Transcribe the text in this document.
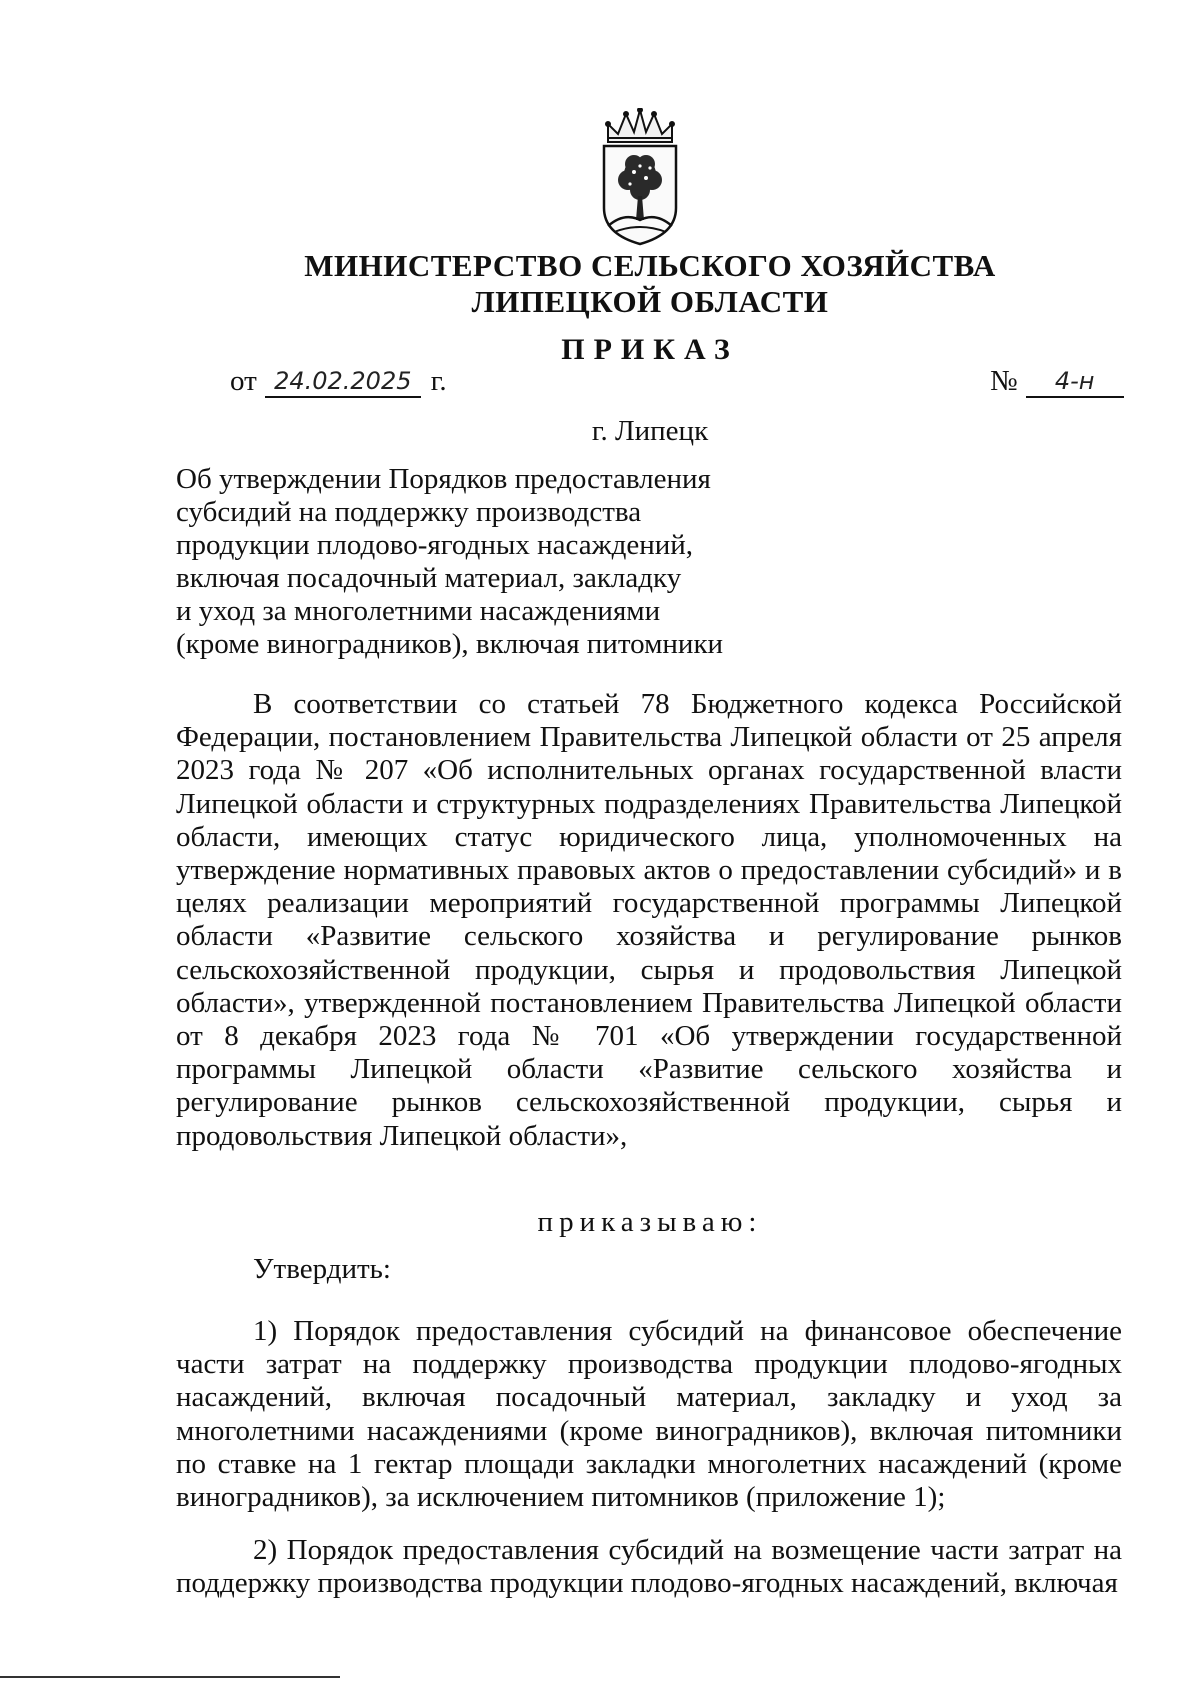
МИНИСТЕРСТВО СЕЛЬСКОГО ХОЗЯЙСТВА
ЛИПЕЦКОЙ ОБЛАСТИ
ПРИКАЗ
от 24.02.2025 г.	№	4-н
г. Липецк
Об утверждении Порядков предоставления
субсидий на поддержку производства
продукции плодово-ягодных насаждений,
включая посадочный материал, закладку
и уход за многолетними насаждениями
(кроме виноградников), включая питомники
В соответствии со статьей 78 Бюджетного кодекса Российской Федерации, постановлением Правительства Липецкой области от 25 апреля 2023 года № 207 «Об исполнительных органах государственной власти Липецкой области и структурных подразделениях Правительства Липецкой области, имеющих статус юридического лица, уполномоченных на утверждение нормативных правовых актов о предоставлении субсидий» и в целях реализации мероприятий государственной программы Липецкой области «Развитие сельского хозяйства и регулирование рынков сельскохозяйственной продукции, сырья и продовольствия Липецкой области», утвержденной постановлением Правительства Липецкой области от 8 декабря 2023 года № 701 «Об утверждении государственной программы Липецкой области «Развитие сельского хозяйства и регулирование рынков сельскохозяйственной продукции, сырья и продовольствия Липецкой области»,
приказываю:
Утвердить:
1) Порядок предоставления субсидий на финансовое обеспечение части затрат на поддержку производства продукции плодово-ягодных насаждений, включая посадочный материал, закладку и уход за многолетними насаждениями (кроме виноградников), включая питомники по ставке на 1 гектар площади закладки многолетних насаждений (кроме виноградников), за исключением питомников (приложение 1);
2) Порядок предоставления субсидий на возмещение части затрат на поддержку производства продукции плодово-ягодных насаждений, включая
